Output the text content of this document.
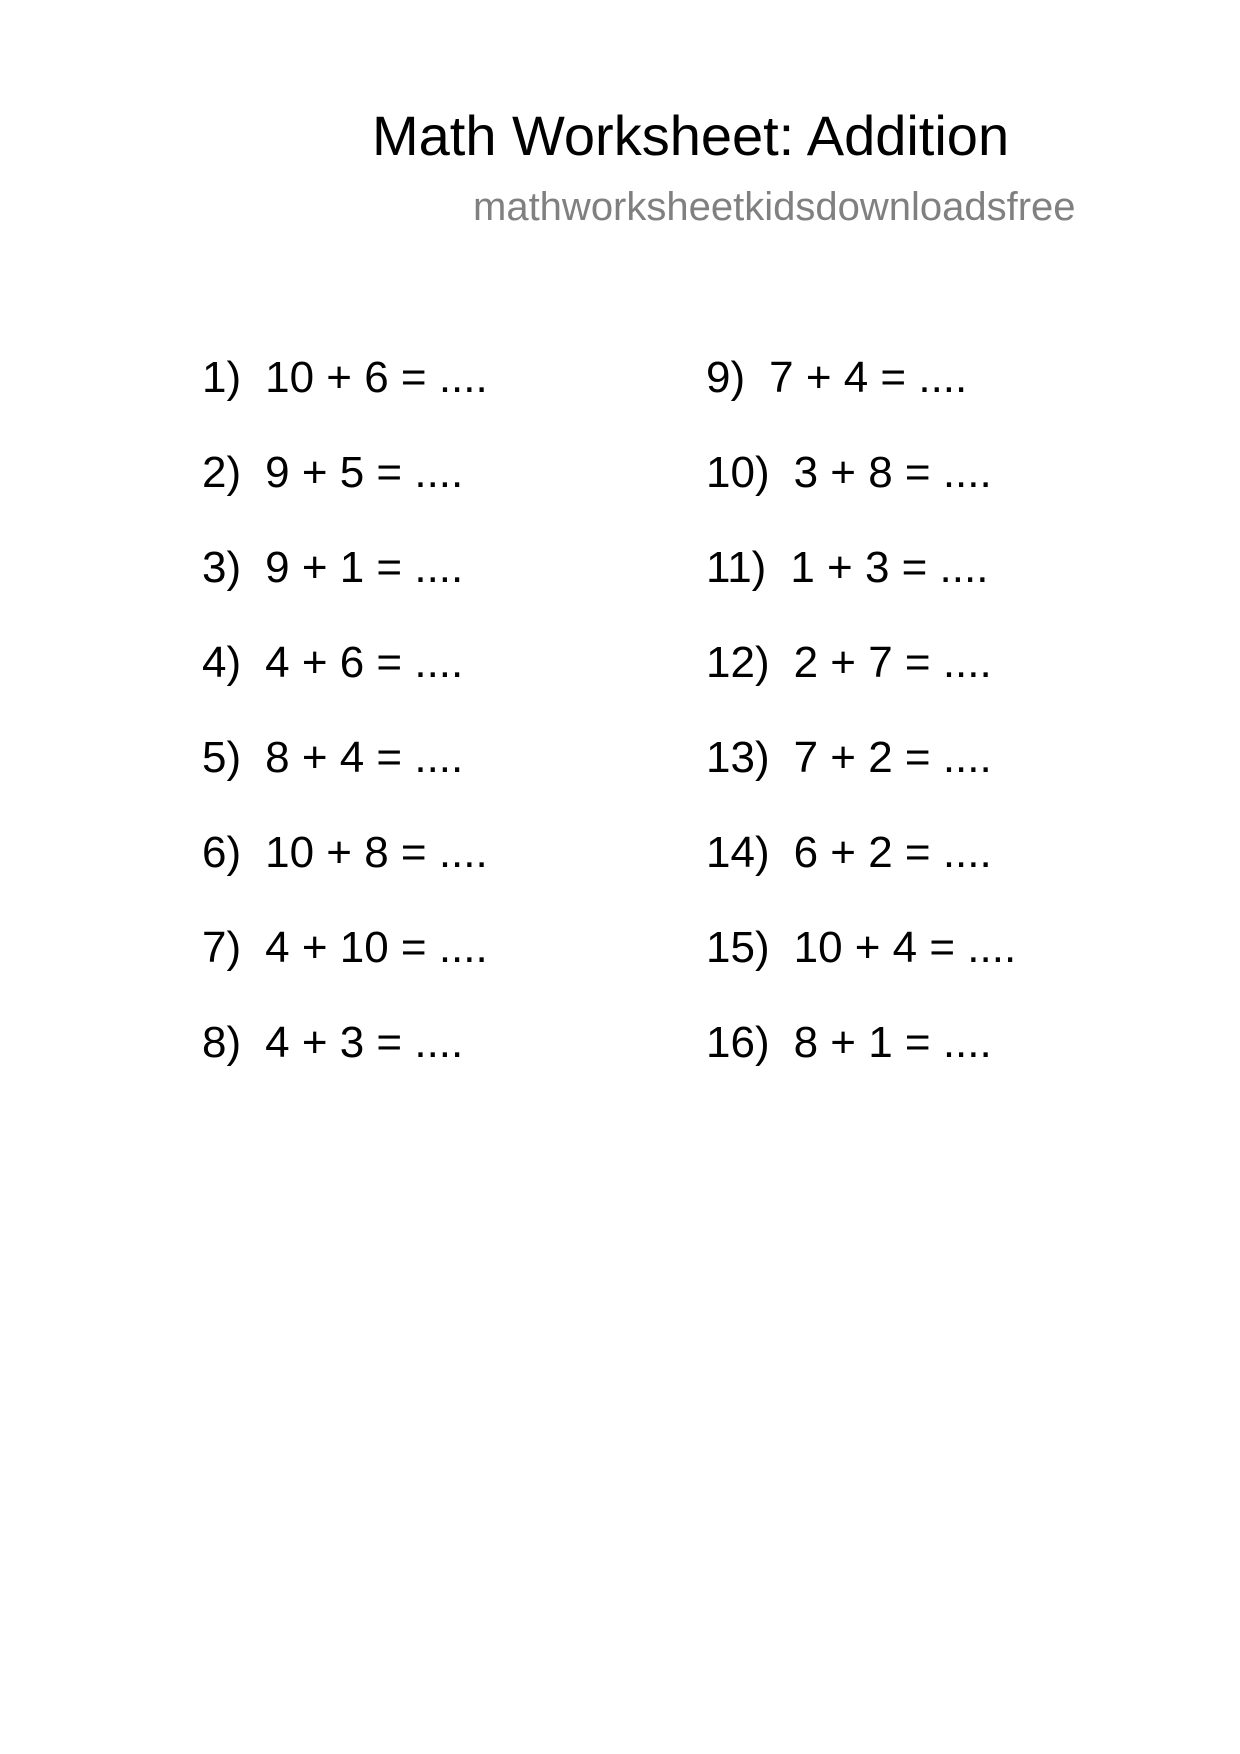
Math Worksheet: Addition
mathworksheetkidsdownloadsfree
1) 10 + 6 = ....
2) 9 + 5 = ....
3) 9 + 1 = ....
4) 4 + 6 = ....
5) 8 + 4 = ....
6) 10 + 8 = ....
7) 4 + 10 = ....
8) 4 + 3 = ....
9) 7 + 4 = ....
10) 3 + 8 = ....
11) 1 + 3 = ....
12) 2 + 7 = ....
13) 7 + 2 = ....
14) 6 + 2 = ....
15) 10 + 4 = ....
16) 8 + 1 = ....
